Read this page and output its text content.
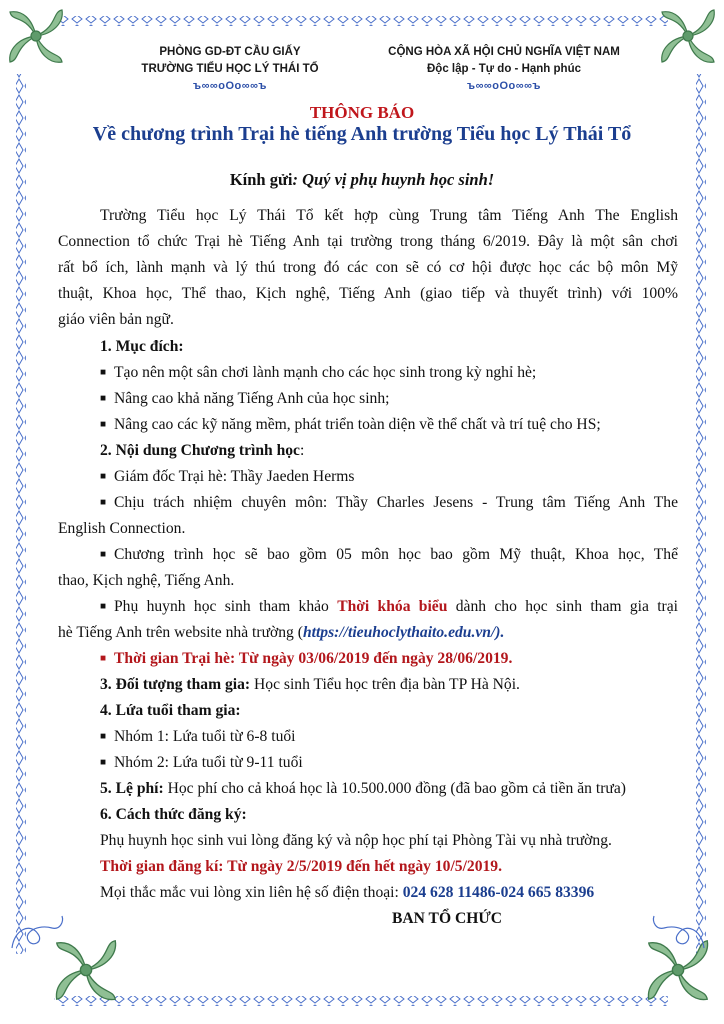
PHÒNG GD-ĐT CẦU GIẤY
TRƯỜNG TIỂU HỌC LÝ THÁI TỔ
ъ∞∞oOo∞∞ъ
CỘNG HÒA XÃ HỘI CHỦ NGHĨA VIỆT NAM
Độc lập - Tự do - Hạnh phúc
ъ∞∞oOo∞∞ъ
THÔNG BÁO
Về chương trình Trại hè tiếng Anh trường Tiểu học Lý Thái Tổ
Kính gửi: Quý vị phụ huynh học sinh!
Trường Tiểu học Lý Thái Tổ kết hợp cùng Trung tâm Tiếng Anh The English
Connection tổ chức Trại hè Tiếng Anh tại trường trong tháng 6/2019. Đây là một sân chơi
rất bổ ích, lành mạnh và lý thú trong đó các con sẽ có cơ hội được học các bộ môn Mỹ
thuật, Khoa học, Thể thao, Kịch nghệ, Tiếng Anh (giao tiếp và thuyết trình) với 100%
giáo viên bản ngữ.
1. Mục đích:
■ Tạo nên một sân chơi lành mạnh cho các học sinh trong kỳ nghỉ hè;
■ Nâng cao khả năng Tiếng Anh của học sinh;
■ Nâng cao các kỹ năng mềm, phát triển toàn diện về thể chất và trí tuệ cho HS;
2. Nội dung Chương trình học:
■ Giám đốc Trại hè: Thầy Jaeden Herms
■ Chịu trách nhiệm chuyên môn: Thầy Charles Jesens - Trung tâm Tiếng Anh The
English Connection.
■ Chương trình học sẽ bao gồm 05 môn học bao gồm Mỹ thuật, Khoa học, Thể
thao, Kịch nghệ, Tiếng Anh.
■ Phụ huynh học sinh tham khảo Thời khóa biểu dành cho học sinh tham gia trại
hè Tiếng Anh trên website nhà trường (https://tieuhoclythaito.edu.vn/).
■ Thời gian Trại hè: Từ ngày 03/06/2019 đến ngày 28/06/2019.
3. Đối tượng tham gia: Học sinh Tiểu học trên địa bàn TP Hà Nội.
4. Lứa tuổi tham gia:
■ Nhóm 1: Lứa tuổi từ 6-8 tuổi
■ Nhóm 2: Lứa tuổi từ 9-11 tuổi
5. Lệ phí: Học phí cho cả khoá học là 10.500.000 đồng (đã bao gồm cả tiền ăn trưa)
6. Cách thức đăng ký:
Phụ huynh học sinh vui lòng đăng ký và nộp học phí tại Phòng Tài vụ nhà trường.
Thời gian đăng kí: Từ ngày 2/5/2019 đến hết ngày 10/5/2019.
Mọi thắc mắc vui lòng xin liên hệ số điện thoại: 024 628 11486-024 665 83396
BAN TỔ CHỨC
